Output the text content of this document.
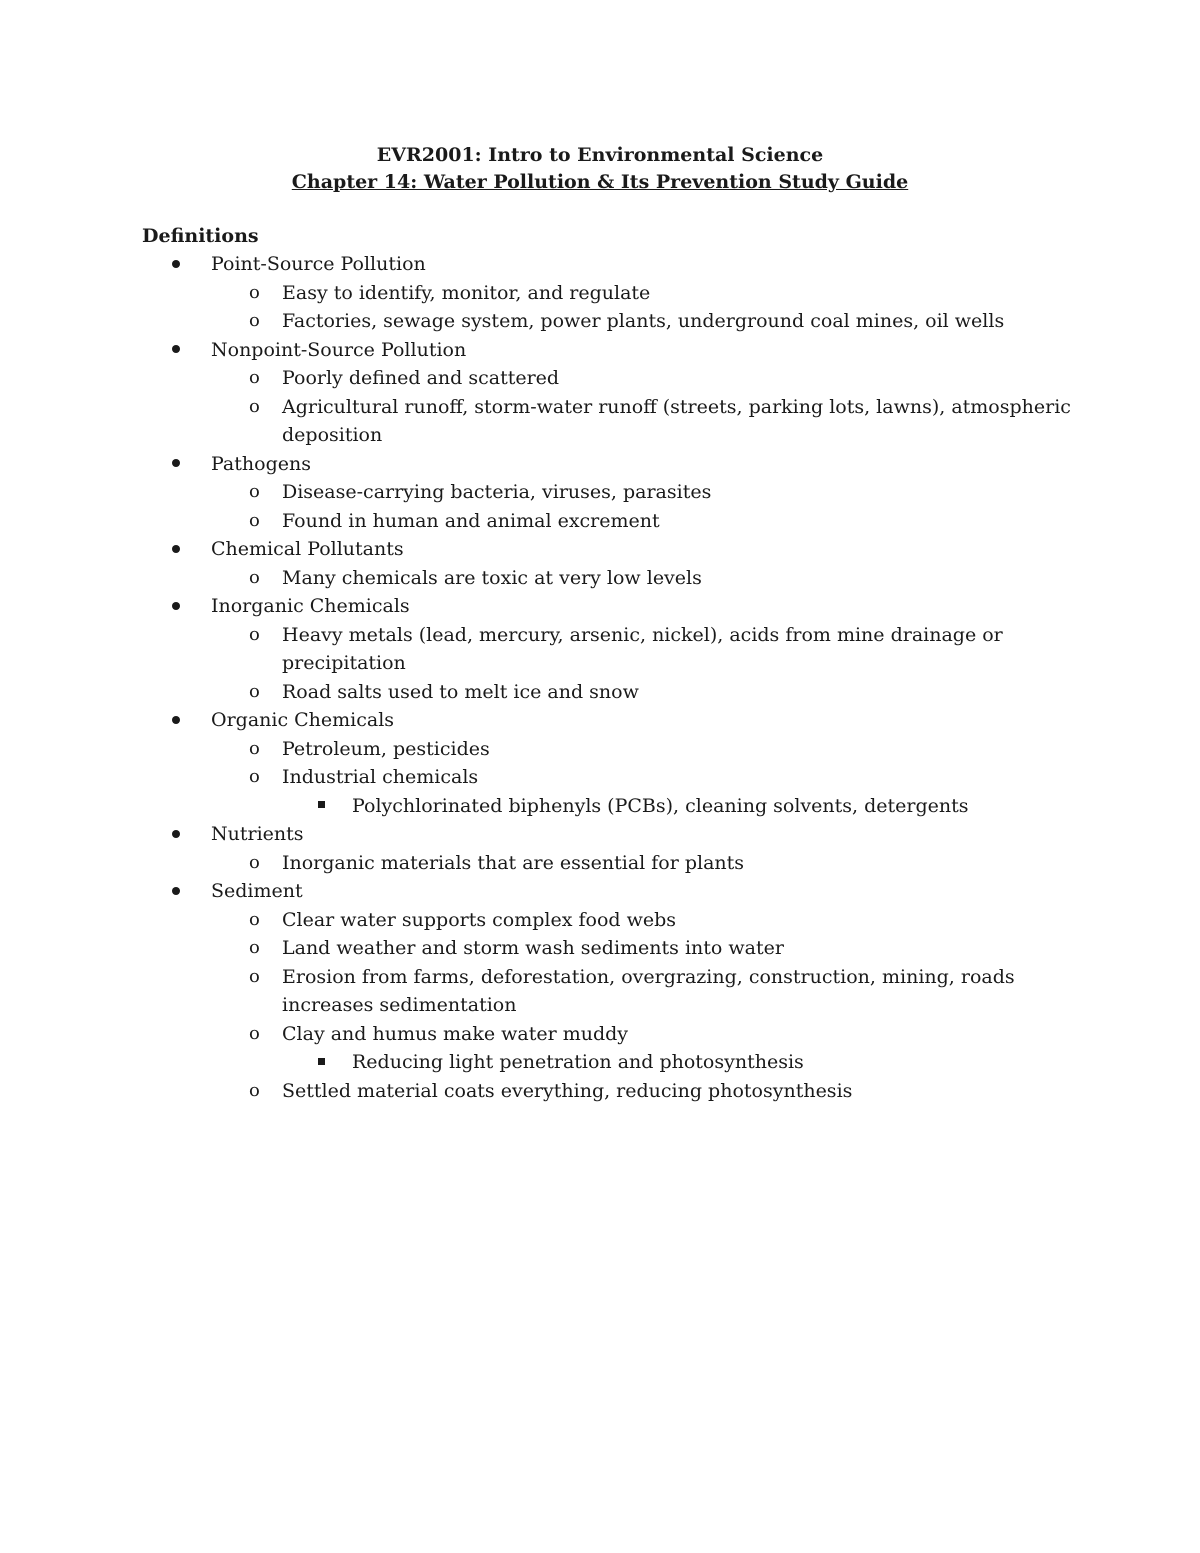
EVR2001: Intro to Environmental Science
Chapter 14: Water Pollution & Its Prevention Study Guide
Definitions
Point-Source Pollution
o Easy to identify, monitor, and regulate
o Factories, sewage system, power plants, underground coal mines, oil wells
Nonpoint-Source Pollution
o Poorly defined and scattered
o Agricultural runoff, storm-water runoff (streets, parking lots, lawns), atmospheric deposition
Pathogens
o Disease-carrying bacteria, viruses, parasites
o Found in human and animal excrement
Chemical Pollutants
o Many chemicals are toxic at very low levels
Inorganic Chemicals
o Heavy metals (lead, mercury, arsenic, nickel), acids from mine drainage or precipitation
o Road salts used to melt ice and snow
Organic Chemicals
o Petroleum, pesticides
o Industrial chemicals
Polychlorinated biphenyls (PCBs), cleaning solvents, detergents
Nutrients
o Inorganic materials that are essential for plants
Sediment
o Clear water supports complex food webs
o Land weather and storm wash sediments into water
o Erosion from farms, deforestation, overgrazing, construction, mining, roads increases sedimentation
o Clay and humus make water muddy
Reducing light penetration and photosynthesis
o Settled material coats everything, reducing photosynthesis
